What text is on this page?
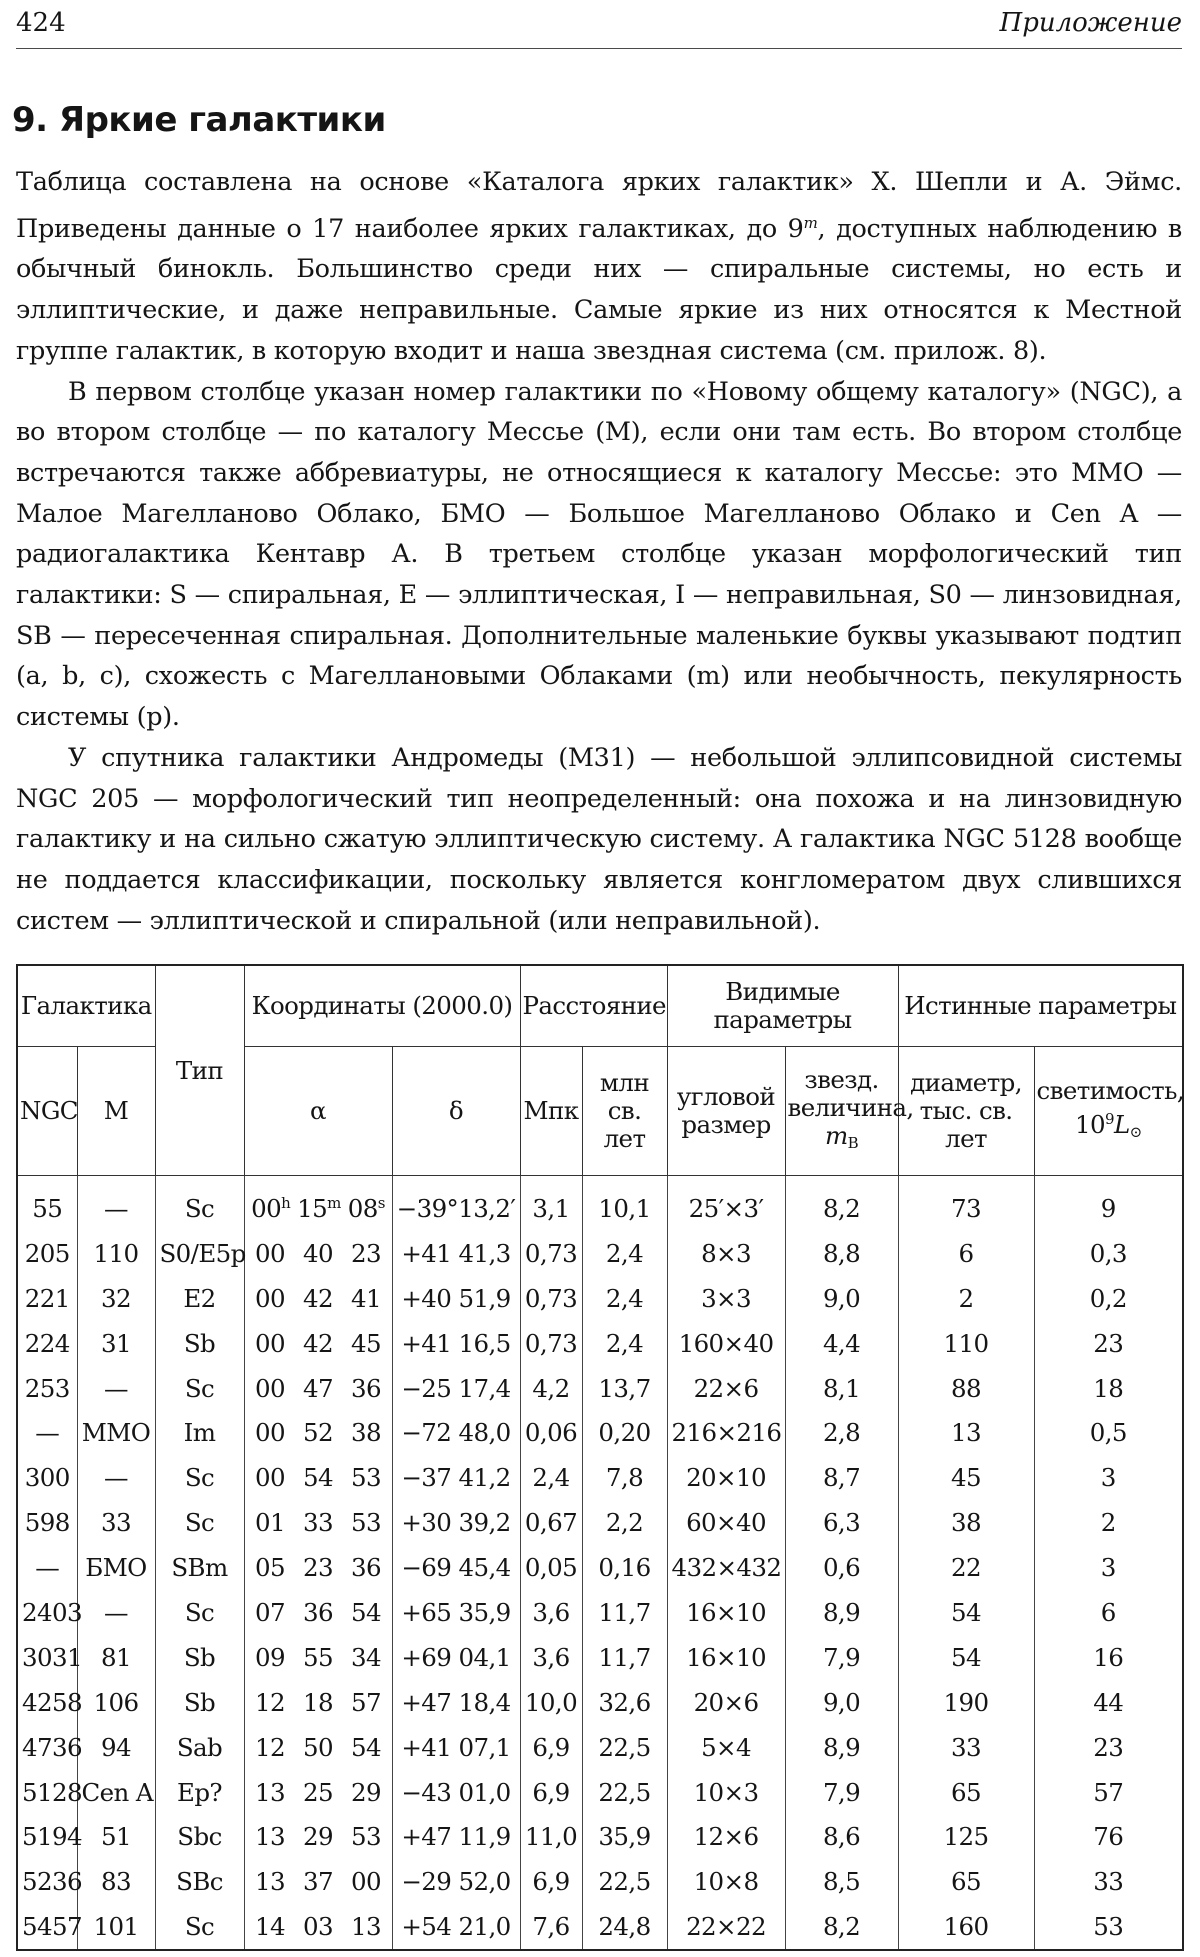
424	Приложение
9. Яркие галактики

Таблица составлена на основе «Каталога ярких галактик» Х. Шепли и А. Эймс. Приведены данные о 17 наиболее ярких галактиках, до 9$^m$, доступных наблюдению в обычный бинокль. Большинство среди них — спиральные системы, но есть и эллиптические, и даже неправильные. Самые яркие из них относятся к Местной группе галактик, в которую входит и наша звездная система (см. прилож. 8).

В первом столбце указан номер галактики по «Новому общему каталогу» (NGC), а во втором столбце — по каталогу Мессье (М), если они там есть. Во втором столбце встречаются также аббревиатуры, не относящиеся к каталогу Мессье: это ММО — Малое Магелланово Облако, БМО — Большое Магелланово Облако и Cen A — радиогалактика Кентавр А. В третьем столбце указан морфологический тип галактики: S — спиральная, E — эллиптическая, I — неправильная, S0 — линзовидная, SB — пересеченная спиральная. Дополнительные маленькие буквы указывают подтип (a, b, c), схожесть с Магеллановыми Облаками (m) или необычность, пекулярность системы (p).

У спутника галактики Андромеды (М31) — небольшой эллипсовидной системы NGC 205 — морфологический тип неопределенный: она похожа и на линзовидную галактику и на сильно сжатую эллиптическую систему. А галактика NGC 5128 вообще не поддается классификации, поскольку является конгломератом двух слившихся систем — эллиптической и спиральной (или неправильной).

Галактика		Тип	Координаты (2000.0)		Расстояние		Видимые параметры		Истинные параметры	
NGC	М		α	δ	Мпк	млн св. лет	угловой размер	звезд. величина, $m_B$	диаметр, тыс. св. лет	светимость, $10^9L_⊙$
55	—	Sc	00$^h$ 15$^m$ $08^s$	−39°13,2′	3,1	10,1	25′×3′	8,2	73	9
205	110	S0/E5p	00 40 23	+41 41,3	0,73	2,4	8×3	8,8	6	0,3
221	32	E2	00 42 41	+40 51,9	0,73	2,4	3×3	9,0	2	0,2
224	31	Sb	00 42 45	+41 16,5	0,73	2,4	160×40	4,4	110	23
253	—	Sc	00 47 36	−25 17,4	4,2	13,7	22×6	8,1	88	18
—	ММО	Im	00 52 38	−72 48,0	0,06	0,20	216×216	2,8	13	0,5
300	—	Sc	00 54 53	−37 41,2	2,4	7,8	20×10	8,7	45	3
598	33	Sc	01 33 53	+30 39,2	0,67	2,2	60×40	6,3	38	2
—	БМО	SBm	05 23 36	−69 45,4	0,05	0,16	432×432	0,6	22	3
2403	—	Sc	07 36 54	+65 35,9	3,6	11,7	16×10	8,9	54	6
3031	81	Sb	09 55 34	+69 04,1	3,6	11,7	16×10	7,9	54	16
4258	106	Sb	12 18 57	+47 18,4	10,0	32,6	20×6	9,0	190	44
4736	94	Sab	12 50 54	+41 07,1	6,9	22,5	5×4	8,9	33	23
5128	Cen A	Ep?	13 25 29	−43 01,0	6,9	22,5	10×3	7,9	65	57
5194	51	Sbc	13 29 53	+47 11,9	11,0	35,9	12×6	8,6	125	76
5236	83	SBc	13 37 00	−29 52,0	6,9	22,5	10×8	8,5	65	33
5457	101	Sc	14 03 13	+54 21,0	7,6	24,8	22×22	8,2	160	53
